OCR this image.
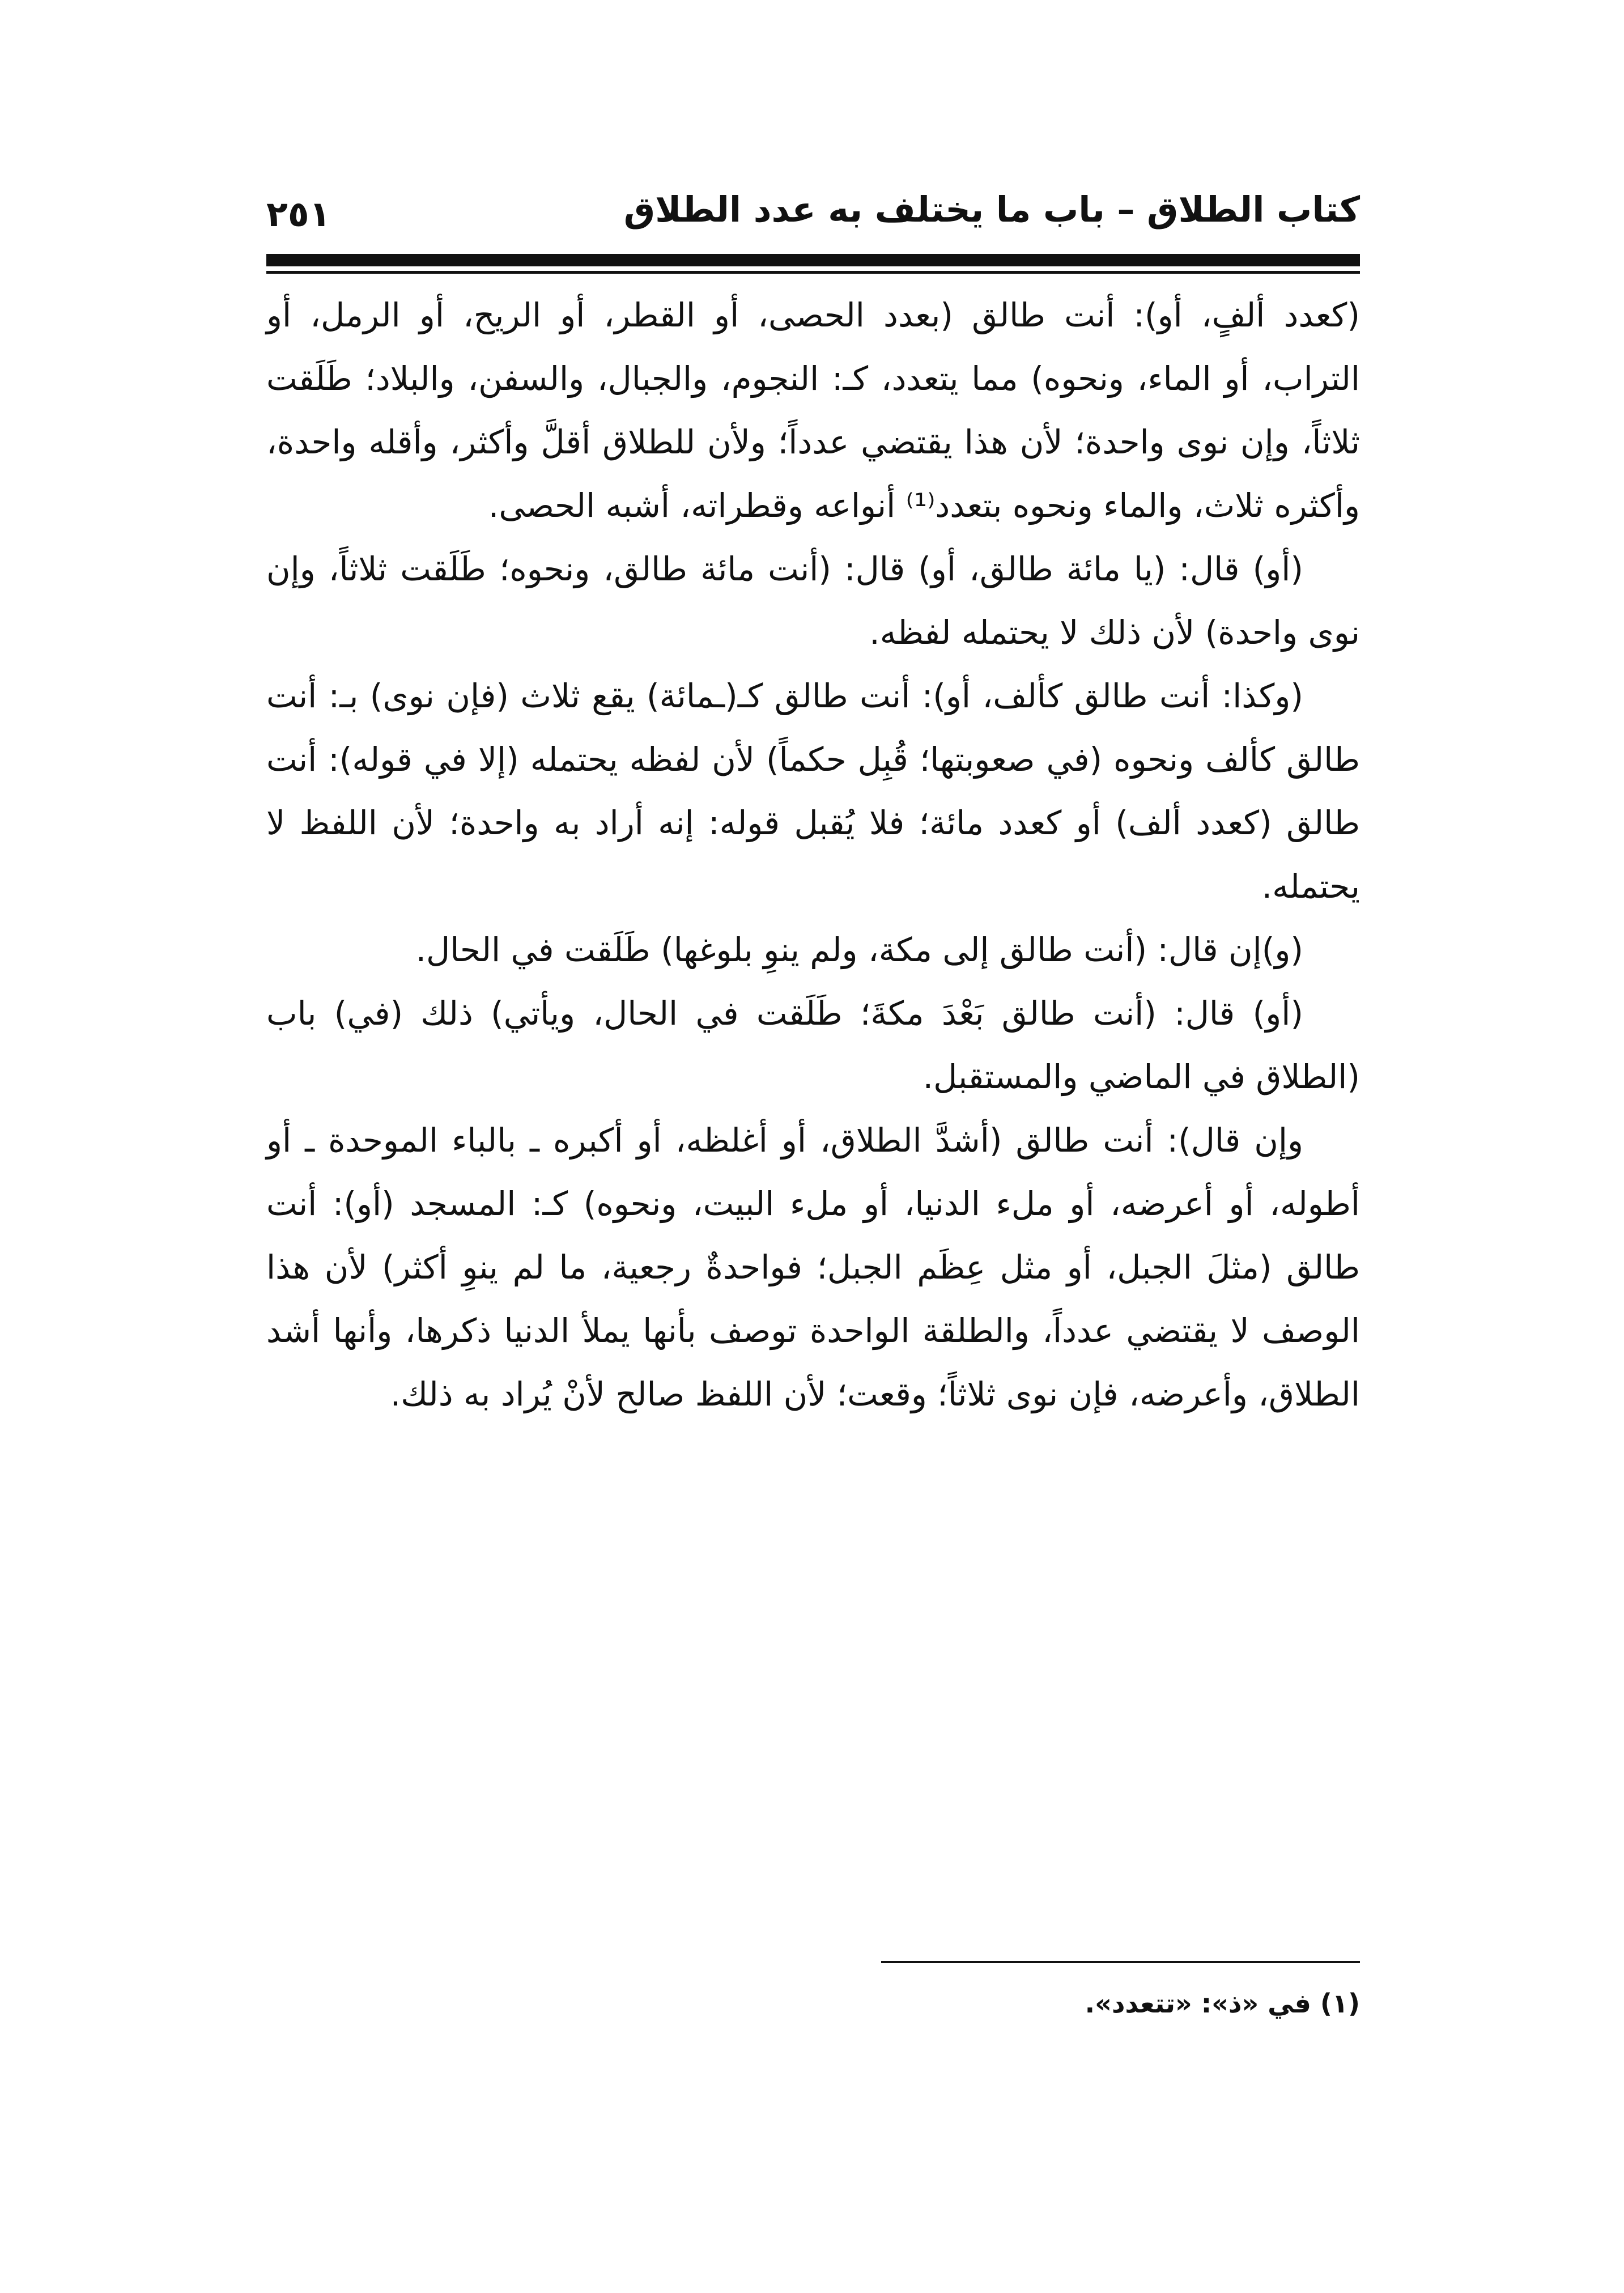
كتاب الطلاق – باب ما يختلف به عدد الطلاق
٢٥١

(كعدد ألفٍ، أو): أنت طالق (بعدد الحصى، أو القطر، أو الريح، أو الرمل، أو التراب، أو الماء، ونحوه) مما يتعدد، كـ: النجوم، والجبال، والسفن، والبلاد؛ طَلَقت ثلاثاً، وإن نوى واحدة؛ لأن هذا يقتضي عدداً؛ ولأن للطلاق أقلَّ وأكثر، وأقله واحدة، وأكثره ثلاث، والماء ونحوه بتعدد⁽¹⁾ أنواعه وقطراته، أشبه الحصى.

(أو) قال: (يا مائة طالق، أو) قال: (أنت مائة طالق، ونحوه؛ طَلَقت ثلاثاً، وإن نوى واحدة) لأن ذلك لا يحتمله لفظه.

(وكذا: أنت طالق كألف، أو): أنت طالق كـ(ـمائة) يقع ثلاث (فإن نوى) بـ: أنت طالق كألف ونحوه (في صعوبتها؛ قُبِل حكماً) لأن لفظه يحتمله (إلا في قوله): أنت طالق (كعدد ألف) أو كعدد مائة؛ فلا يُقبل قوله: إنه أراد به واحدة؛ لأن اللفظ لا يحتمله.

(و)إن قال: (أنت طالق إلى مكة، ولم ينوِ بلوغها) طَلَقت في الحال.

(أو) قال: (أنت طالق بَعْدَ مكةَ؛ طَلَقت في الحال، ويأتي) ذلك (في) باب (الطلاق في الماضي والمستقبل.

وإن قال): أنت طالق (أشدَّ الطلاق، أو أغلظه، أو أكبره ـ بالباء الموحدة ـ أو أطوله، أو أعرضه، أو ملء الدنيا، أو ملء البيت، ونحوه) كـ: المسجد (أو): أنت طالق (مثلَ الجبل، أو مثل عِظَم الجبل؛ فواحدةٌ رجعية، ما لم ينوِ أكثر) لأن هذا الوصف لا يقتضي عدداً، والطلقة الواحدة توصف بأنها يملأ الدنيا ذكرها، وأنها أشد الطلاق، وأعرضه، فإن نوى ثلاثاً؛ وقعت؛ لأن اللفظ صالح لأنْ يُراد به ذلك.

(١) في «ذ»: «تتعدد».
